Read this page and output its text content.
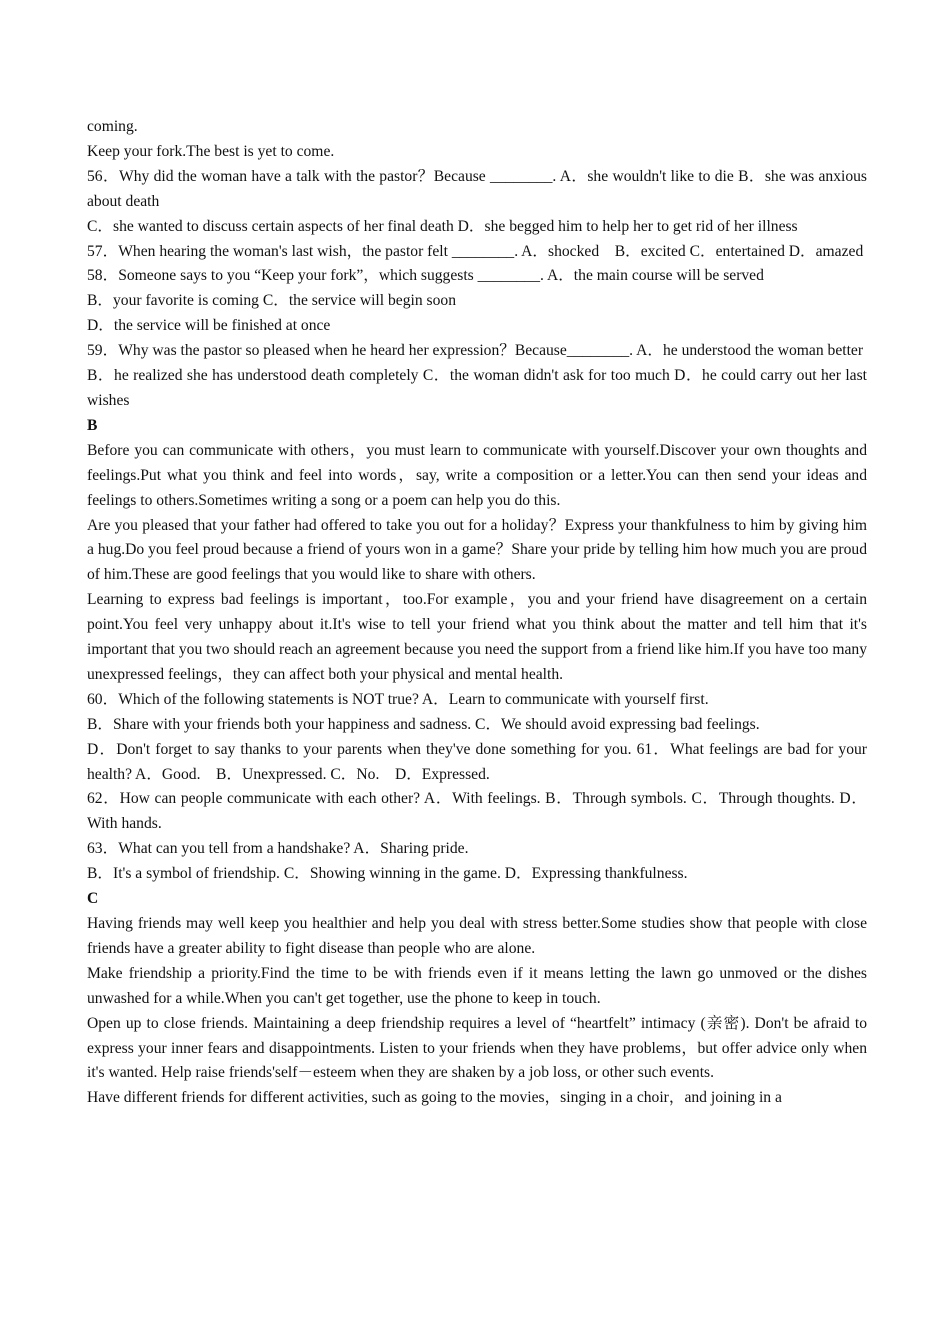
coming.

Keep your fork.The best is yet to come.

56．Why did the woman have a talk with the pastor？Because ________. A．she wouldn't like to die B．she was anxious about death

C．she wanted to discuss certain aspects of her final death D．she begged him to help her to get rid of her illness

57．When hearing the woman's last wish，the pastor felt ________. A．shocked　B．excited C．entertained D．amazed

58．Someone says to you “Keep your fork”，which suggests ________. A．the main course will be served

B．your favorite is coming C．the service will begin soon

D．the service will be finished at once

59．Why was the pastor so pleased when he heard her expression？Because________. A．he understood the woman better

B．he realized she has understood death completely C．the woman didn't ask for too much D．he could carry out her last wishes

B

Before you can communicate with others，you must learn to communicate with yourself.Discover your own thoughts and feelings.Put what you think and feel into words，say, write a composition or a letter.You can then send your ideas and feelings to others.Sometimes writing a song or a poem can help you do this.

Are you pleased that your father had offered to take you out for a holiday？Express your thankfulness to him by giving him a hug.Do you feel proud because a friend of yours won in a game？Share your pride by telling him how much you are proud of him.These are good feelings that you would like to share with others.

Learning to express bad feelings is important，too.For example，you and your friend have disagreement on a certain point.You feel very unhappy about it.It's wise to tell your friend what you think about the matter and tell him that it's important that you two should reach an agreement because you need the support from a friend like him.If you have too many unexpressed feelings，they can affect both your physical and mental health.

60．Which of the following statements is NOT true? A．Learn to communicate with yourself first.

B．Share with your friends both your happiness and sadness. C．We should avoid expressing bad feelings.

D．Don't forget to say thanks to your parents when they've done something for you. 61．What feelings are bad for your health? A．Good.　B．Unexpressed. C．No.　D．Expressed.

62．How can people communicate with each other? A．With feelings. B．Through symbols. C．Through thoughts. D．With hands.

63．What can you tell from a handshake? A．Sharing pride.

B．It's a symbol of friendship. C．Showing winning in the game. D．Expressing thankfulness.

C

Having friends may well keep you healthier and help you deal with stress better.Some studies show that people with close friends have a greater ability to fight disease than people who are alone.

Make friendship a priority.Find the time to be with friends even if it means letting the lawn go unmoved or the dishes unwashed for a while.When you can't get together, use the phone to keep in touch.

Open up to close friends. Maintaining a deep friendship requires a level of “heartfelt” intimacy (亲密). Don't be afraid to express your inner fears and disappointments. Listen to your friends when they have problems，but offer advice only when it's wanted. Help raise friends'self－esteem when they are shaken by a job loss, or other such events.

Have different friends for different activities, such as going to the movies，singing in a choir，and joining in a
